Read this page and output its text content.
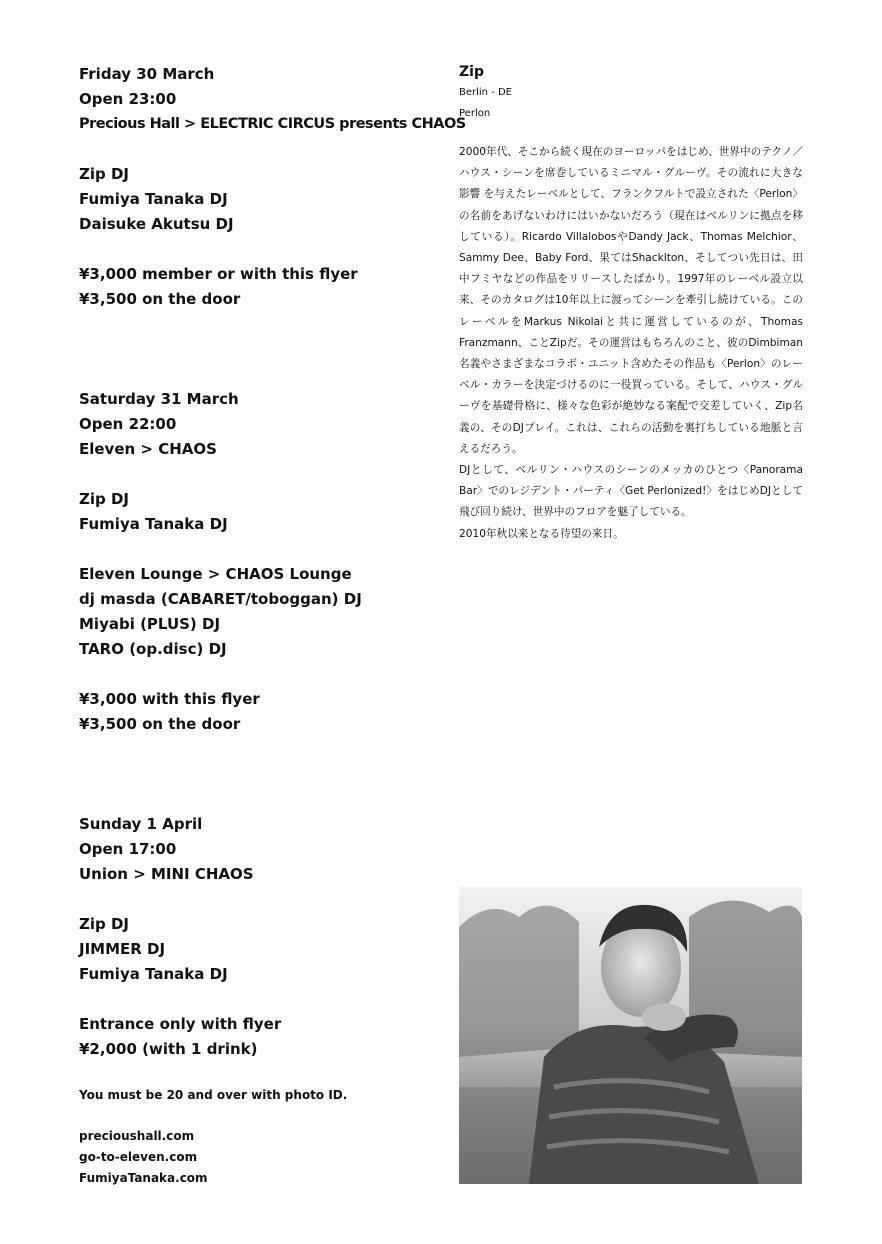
Friday 30 March
Open 23:00
Precious Hall > ELECTRIC CIRCUS presents CHAOS
Zip DJ
Fumiya Tanaka DJ
Daisuke Akutsu DJ
¥3,000 member or with this flyer
¥3,500 on the door
Saturday 31 March
Open 22:00
Eleven > CHAOS
Zip DJ
Fumiya Tanaka DJ
Eleven Lounge > CHAOS Lounge
dj masda (CABARET/toboggan) DJ
Miyabi (PLUS) DJ
TARO (op.disc) DJ
¥3,000 with this flyer
¥3,500 on the door
Sunday 1 April
Open 17:00
Union > MINI CHAOS
Zip DJ
JIMMER DJ
Fumiya Tanaka DJ
Entrance only with flyer
¥2,000 (with 1 drink)
You must be 20 and over with photo ID.
precioushall.com
go-to-eleven.com
FumiyaTanaka.com
Zip
Berlin - DE
Perlon

2000年代、そこから続く現在のヨーロッパをはじめ、世界中のテクノ／ハウス・シーンを席巻しているミニマル・グルーヴ。その流れに大きな影響 を与えたレーベルとして、フランクフルトで設立された〈Perlon〉の名前をあげないわけにはいかないだろう（現在はベルリンに拠点を移している）。Ricardo VillalobosやDandy Jack、Thomas Melchior、Sammy Dee、Baby Ford、果てはShacklton、そしてつい先日は、田中フミヤなどの作品をリリースしたばかり。1997年のレーベル設立以来、そのカタログは10年以上に渡ってシーンを牽引し続けている。このレーベルをMarkus Nikolaiと共に運営しているのが、Thomas Franzmann、ことZipだ。その運営はもちろんのこと、彼のDimbiman名義やさまざまなコラボ・ユニット含めたその作品も〈Perlon〉のレーベル・カラーを決定づけるのに一役買っている。そして、ハウス・グルーヴを基礎骨格に、様々な色彩が絶妙なる案配で交差していく、Zip名 義の、そのDJプレイ。これは、これらの活動を裏打ちしている地脈と言えるだろう。

DJとして、ベルリン・ハウスのシーンのメッカのひとつ〈Panorama Bar〉でのレジデント・パーティ〈Get Perlonized!〉をはじめDJとして飛び回り続け、世界中のフロアを魅了している。

2010年秋以来となる待望の来日。
